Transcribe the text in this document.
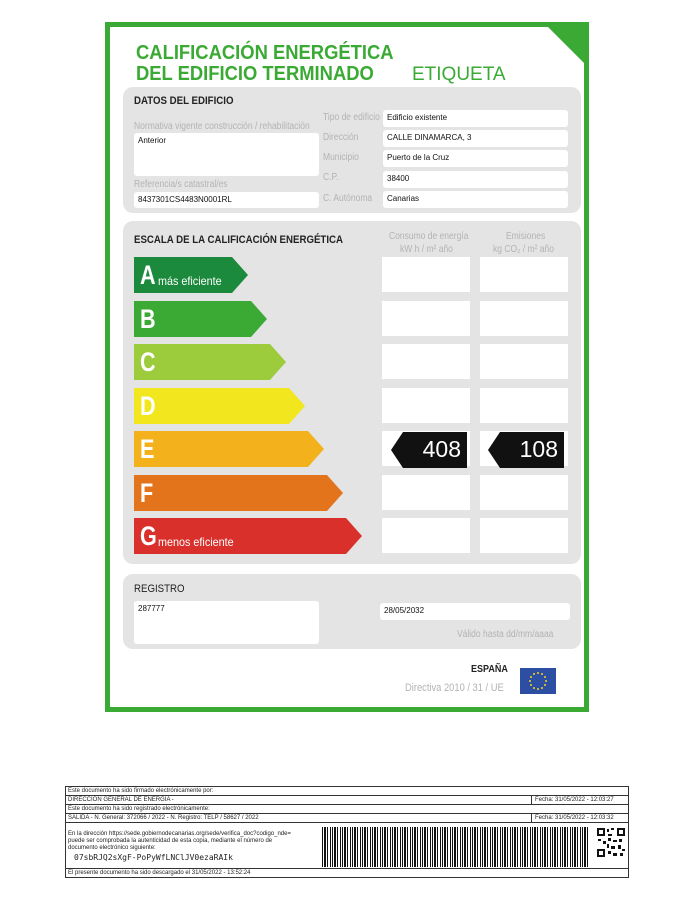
CALIFICACIÓN ENERGÉTICA
DEL EDIFICIO TERMINADO	ETIQUETA
DATOS DEL EDIFICIO
Normativa vigente construcción / rehabilitación
Anterior
Referencia/s catastral/es
8437301CS4483N0001RL
Tipo de edificio Edificio existente
Dirección	CALLE DINAMARCA, 3
Municipio	Puerto de la Cruz
C.P.	38400
C. Autónoma	Canarias
ESCALA DE LA CALIFICACIÓN ENERGÉTICA	Consumo de energía
kW h / m² año
Emisiones
kg CO₂ / m² año
A más eficiente
B
C
D
E	408	108
F
G menos eficiente
REGISTRO
287777	28/05/2032
Válido hasta dd/mm/aaaa
ESPAÑA
Directiva 2010 / 31 / UE
Este documento ha sido firmado electrónicamente por:
DIRECCION GENERAL DE ENERGIA -	Fecha: 31/05/2022 - 12:03:27
Este documento ha sido registrado electrónicamente:
SALIDA - N. General: 372066 / 2022 - N. Registro: TELP / 58627 / 2022	Fecha: 31/05/2022 - 12:03:32
En la dirección https://sede.gobiernodecanarias.org/sede/verifica_doc?codigo_nde=
puede ser comprobada la autenticidad de esta copia, mediante el número de
documento electrónico siguiente:
07sbRJQ2sXgF-PoPyWfLNClJV0ezaRAIk
El presente documento ha sido descargado el 31/05/2022 - 13:52:24
